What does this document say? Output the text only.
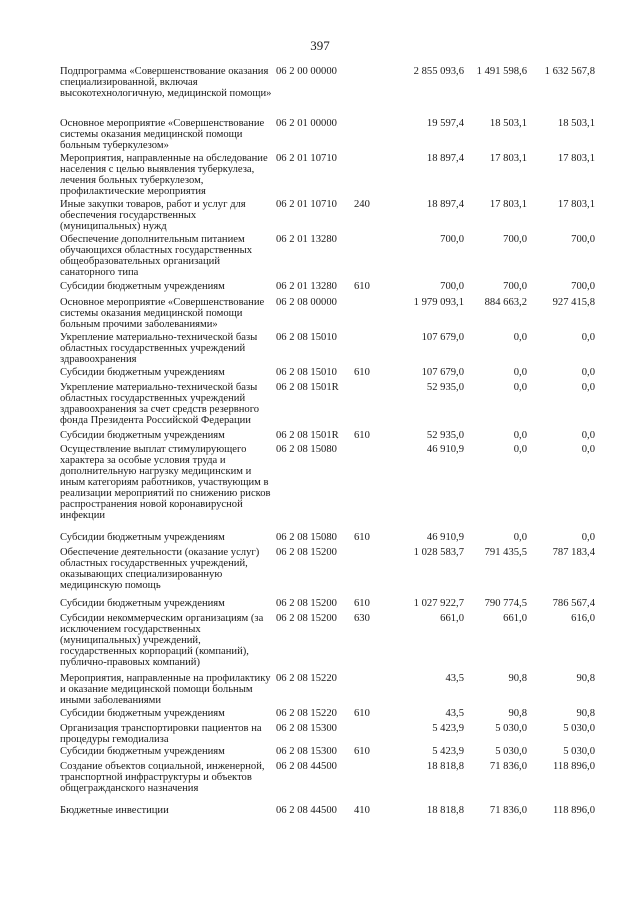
397
Подпрограмма «Совершенствование оказания специализированной, включая высокотехнологичную, медицинской помощи»
06 2 00 00000	2 855 093,6	1 491 598,6	1 632 567,8
Основное мероприятие «Совершенствование системы оказания медицинской помощи больным туберкулезом»
06 2 01 00000	19 597,4	18 503,1	18 503,1
Мероприятия, направленные на обследование населения с целью выявления туберкулеза, лечения больных туберкулезом, профилактические мероприятия
06 2 01 10710	18 897,4	17 803,1	17 803,1
Иные закупки товаров, работ и услуг для обеспечения государственных (муниципальных) нужд
06 2 01 10710	240	18 897,4	17 803,1	17 803,1
Обеспечение дополнительным питанием обучающихся областных государственных общеобразовательных организаций санаторного типа
06 2 01 13280	700,0	700,0	700,0
Субсидии бюджетным учреждениям	06 2 01 13280	610	700,0	700,0	700,0
Основное мероприятие «Совершенствование системы оказания медицинской помощи больным прочими заболеваниями»
06 2 08 00000	1 979 093,1	884 663,2	927 415,8
Укрепление материально-технической базы областных государственных учреждений здравоохранения
06 2 08 15010	107 679,0	0,0	0,0
Субсидии бюджетным учреждениям	06 2 08 15010	610	107 679,0	0,0	0,0
Укрепление материально-технической базы областных государственных учреждений здравоохранения за счет средств резервного фонда Президента Российской Федерации
06 2 08 1501R	52 935,0	0,0	0,0
Субсидии бюджетным учреждениям	06 2 08 1501R	610	52 935,0	0,0	0,0
Осуществление выплат стимулирующего характера за особые условия труда и дополнительную нагрузку медицинским и иным категориям работников, участвующим в реализации мероприятий по снижению рисков распространения новой коронавирусной инфекции
06 2 08 15080	46 910,9	0,0	0,0
Субсидии бюджетным учреждениям	06 2 08 15080	610	46 910,9	0,0	0,0
Обеспечение деятельности (оказание услуг) областных государственных учреждений, оказывающих специализированную медицинскую помощь
06 2 08 15200	1 028 583,7	791 435,5	787 183,4
Субсидии бюджетным учреждениям	06 2 08 15200	610	1 027 922,7	790 774,5	786 567,4
Субсидии некоммерческим организациям (за исключением государственных (муниципальных) учреждений, государственных корпораций (компаний), публично-правовых компаний)
06 2 08 15200	630	661,0	661,0	616,0
Мероприятия, направленные на профилактику и оказание медицинской помощи больным иными заболеваниями
06 2 08 15220	43,5	90,8	90,8
Субсидии бюджетным учреждениям	06 2 08 15220	610	43,5	90,8	90,8
Организация транспортировки пациентов на процедуры гемодиализа
06 2 08 15300	5 423,9	5 030,0	5 030,0
Субсидии бюджетным учреждениям	06 2 08 15300	610	5 423,9	5 030,0	5 030,0
Создание объектов социальной, инженерной, транспортной инфраструктуры и объектов общегражданского назначения
06 2 08 44500	18 818,8	71 836,0	118 896,0
Бюджетные инвестиции	06 2 08 44500	410	18 818,8	71 836,0	118 896,0
